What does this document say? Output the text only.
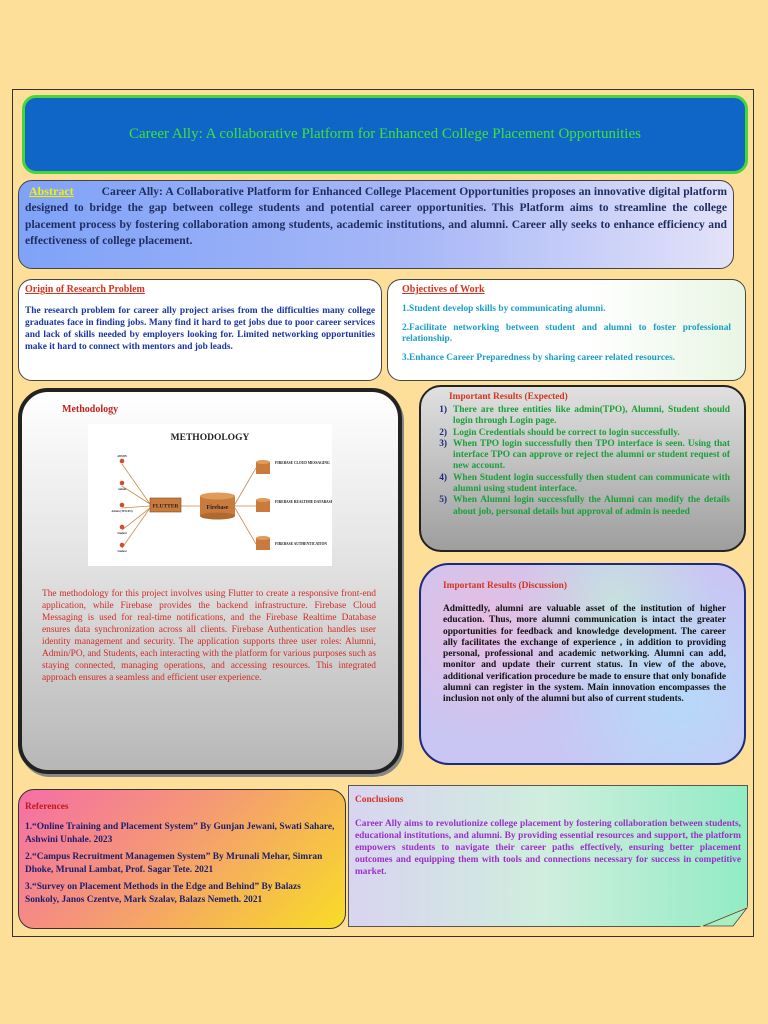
Career Ally: A collaborative Platform for Enhanced College Placement Opportunities

Abstract Career Ally: A Collaborative Platform for Enhanced College Placement Opportunities proposes an innovative digital platform designed to bridge the gap between college students and potential career opportunities. This Platform aims to streamline the college placement process by fostering collaboration among students, academic institutions, and alumni. Career ally seeks to enhance efficiency and effectiveness of college placement.

Origin of Research Problem
The research problem for career ally project arises from the difficulties many college graduates face in finding jobs. Many find it hard to get jobs due to poor career services and lack of skills needed by employers looking for. Limited networking opportunities make it hard to connect with mentors and job leads.
Objectives of Work
1.Student develop skills by communicating alumni.
2.Facilitate networking between student and alumni to foster professional relationship.
3.Enhance Career Preparedness by sharing career related resources.
Methodology
METHODOLOGY
ADMIN
Admin
Admin (TPO/PO)
Student
Student
FLUTTER	Firebase
FIREBASE CLOUD MESSAGING
FIREBASE REALTIME DATABASE
FIREBASE AUTHENTICATION
The methodology for this project involves using Flutter to create a responsive front-end application, while Firebase provides the backend infrastructure. Firebase Cloud Messaging is used for real-time notifications, and the Firebase Realtime Database ensures data synchronization across all clients. Firebase Authentication handles user identity management and security. The application supports three user roles: Alumni, Admin/PO, and Students, each interacting with the platform for various purposes such as staying connected, managing operations, and accessing resources. This integrated approach ensures a seamless and efficient user experience.
Important Results (Expected)
1) There are three entities like admin(TPO), Alumni, Student should login through Login page.
2) Login Credentials should be correct to login successfully.
3) When TPO login successfully then TPO interface is seen. Using that interface TPO can approve or reject the alumni or student request of new account.
4) When Student login successfully then student can communicate with alumni using student interface.
5) When Alumni login successfully the Alumni can modify the details about job, personal details but approval of admin is needed
Important Results (Discussion)
Admittedly, alumni are valuable asset of the institution of higher education. Thus, more alumni communication is intact the greater opportunities for feedback and knowledge development. The career ally facilitates the exchange of experience , in addition to providing personal, professional and academic networking. Alumni can add, monitor and update their current status. In view of the above, additional verification procedure be made to ensure that only bonafide alumni can register in the system. Main innovation encompasses the inclusion not only of the alumni but also of current students.
References
1.“Online Training and Placement System” By Gunjan Jewani, Swati Sahare, Ashwini Unhale. 2023
2.“Campus Recruitment Managemen System” By Mrunali Mehar, Simran Dhoke, Mrunal Lambat, Prof. Sagar Tete. 2021
3.“Survey on Placement Methods in the Edge and Behind” By Balazs Sonkoly, Janos Czentve, Mark Szalav, Balazs Nemeth. 2021
Conclusions
Career Ally aims to revolutionize college placement by fostering collaboration between students, educational institutions, and alumni. By providing essential resources and support, the platform empowers students to navigate their career paths effectively, ensuring better placement outcomes and equipping them with tools and connections necessary for success in competitive market.
